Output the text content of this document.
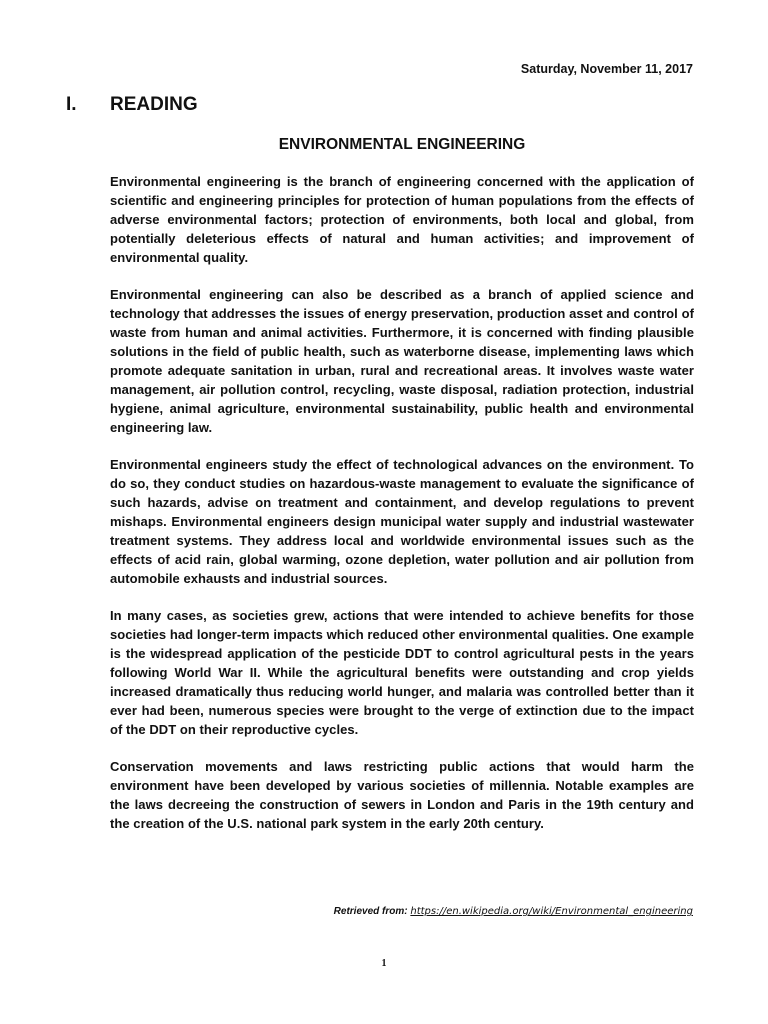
Saturday, November 11, 2017
I. READING
ENVIRONMENTAL ENGINEERING

Environmental engineering is the branch of engineering concerned with the application of scientific and engineering principles for protection of human populations from the effects of adverse environmental factors; protection of environments, both local and global, from potentially deleterious effects of natural and human activities; and improvement of environmental quality.

Environmental engineering can also be described as a branch of applied science and technology that addresses the issues of energy preservation, production asset and control of waste from human and animal activities. Furthermore, it is concerned with finding plausible solutions in the field of public health, such as waterborne disease, implementing laws which promote adequate sanitation in urban, rural and recreational areas. It involves waste water management, air pollution control, recycling, waste disposal, radiation protection, industrial hygiene, animal agriculture, environmental sustainability, public health and environmental engineering law.

Environmental engineers study the effect of technological advances on the environment. To do so, they conduct studies on hazardous-waste management to evaluate the significance of such hazards, advise on treatment and containment, and develop regulations to prevent mishaps. Environmental engineers design municipal water supply and industrial wastewater treatment systems. They address local and worldwide environmental issues such as the effects of acid rain, global warming, ozone depletion, water pollution and air pollution from automobile exhausts and industrial sources.

In many cases, as societies grew, actions that were intended to achieve benefits for those societies had longer-term impacts which reduced other environmental qualities. One example is the widespread application of the pesticide DDT to control agricultural pests in the years following World War II. While the agricultural benefits were outstanding and crop yields increased dramatically thus reducing world hunger, and malaria was controlled better than it ever had been, numerous species were brought to the verge of extinction due to the impact of the DDT on their reproductive cycles.

Conservation movements and laws restricting public actions that would harm the environment have been developed by various societies of millennia. Notable examples are the laws decreeing the construction of sewers in London and Paris in the 19th century and the creation of the U.S. national park system in the early 20th century.

Retrieved from: https://en.wikipedia.org/wiki/Environmental_engineering
1
